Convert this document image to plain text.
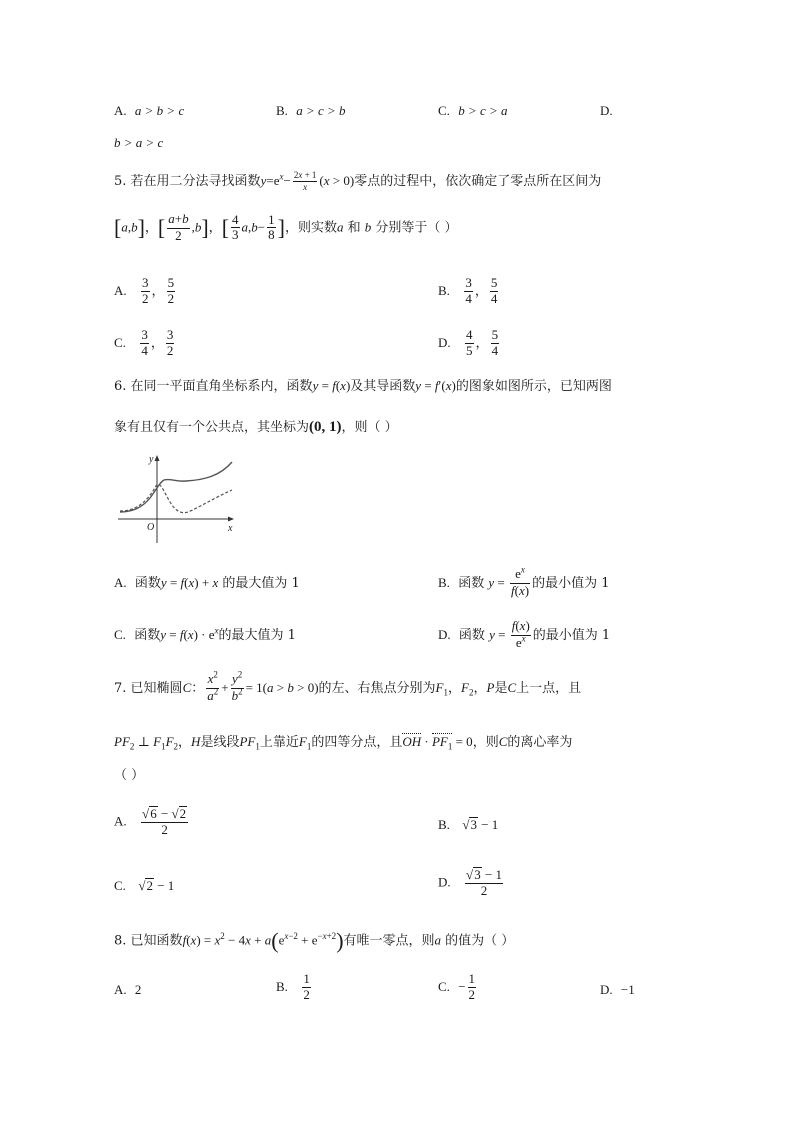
A. a > b > c	B. a > c > b	C. b > c > a	D.
b > a > c
5. 若在用二分法寻找函数$y=e^x- \frac{2x + 1}{x} (x > 0)$零点的过程中，依次确定了零点所在区间为
[a,b]，[ $\frac{a+b}{2} ,b$]，[ $\frac{4}{3} a,b- \frac{1}{8}$ ]，则实数a 和 b 分别等于（ ）
A. $\frac{3}{2}$ ， $\frac{5}{2}$	B. $\frac{3}{4}$ ， $\frac{5}{4}$
C. $\frac{3}{4}$ ， $\frac{3}{2}$	D. $\frac{4}{5}$ ， $\frac{5}{4}$
6. 在同一平面直角坐标系内，函数y = f(x)及其导函数y = f′(x)的图象如图所示，已知两图
象有且仅有一个公共点，其坐标为(0, 1)，则（ ）
y
x
O
A. 函数y = f(x) + x 的最大值为 1	B. 函数 $y = \frac{e^x}{f(x)}$ 的最小值为 1
C. 函数$y = f(x) \cdot e^x$的最大值为 1	D. 函数 $y = \frac{f(x)}{e^x}$ 的最小值为 1
7. 已知椭圆C： $\frac{x^2}{a^2} + \frac{y^2}{b^2} = 1(a > b > 0)$的左、右焦点分别为$F_1$，$F_2$，P是C上一点，且
$PF_2$ ⊥ $F_1F_2$，H是线段$PF_1$上靠近$F_1$的四等分点，且OH · $PF_1 = 0$，则C的离心率为
（ ）
A. $\frac{√6 - √2}{2}$	B. √3 − 1
C. √2 − 1	D. $\frac{√3 - 1}{2}$
8. 已知函数$f(x) = x^2 - 4x + a(e^{x-2} + e^{-x+2})$有唯一零点，则a 的值为（ ）
A. 2	B. $\frac{1}{2}$	C. − $\frac{1}{2}$	D. −1
